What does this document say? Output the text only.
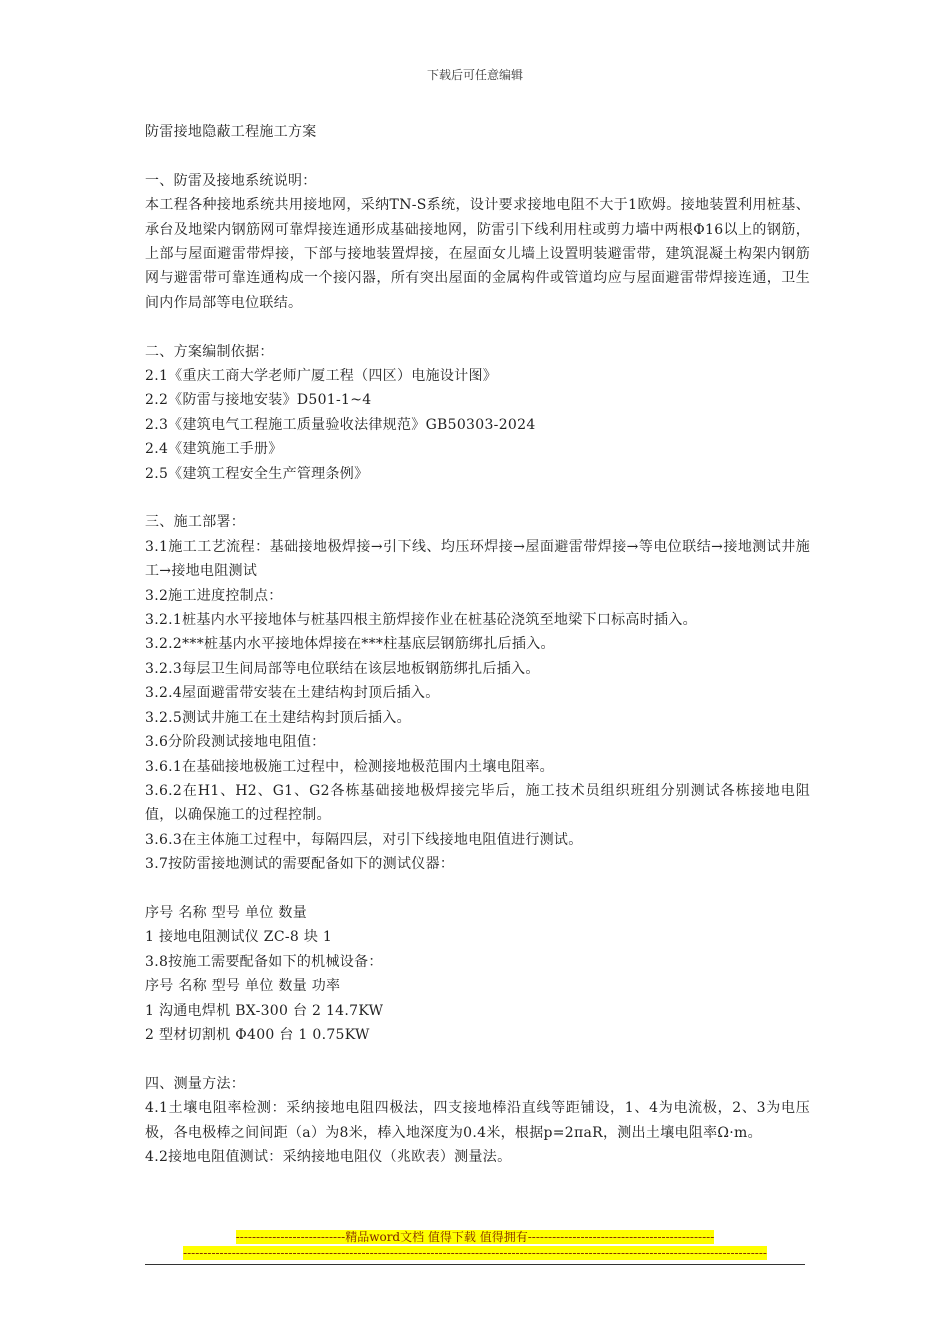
下载后可任意编辑
防雷接地隐蔽工程施工方案
一、防雷及接地系统说明：
本工程各种接地系统共用接地网，采纳TN-S系统，设计要求接地电阻不大于1欧姆。接地装置利用桩基、承台及地梁内钢筋网可靠焊接连通形成基础接地网，防雷引下线利用柱或剪力墙中两根Φ16以上的钢筋，上部与屋面避雷带焊接，下部与接地装置焊接，在屋面女儿墙上设置明装避雷带，建筑混凝土构架内钢筋网与避雷带可靠连通构成一个接闪器，所有突出屋面的金属构件或管道均应与屋面避雷带焊接连通，卫生间内作局部等电位联结。
二、方案编制依据：
2.1《重庆工商大学老师广厦工程（四区）电施设计图》
2.2《防雷与接地安装》D501-1~4
2.3《建筑电气工程施工质量验收法律规范》GB50303-2024
2.4《建筑施工手册》
2.5《建筑工程安全生产管理条例》
三、施工部署：
3.1施工工艺流程：基础接地极焊接→引下线、均压环焊接→屋面避雷带焊接→等电位联结→接地测试井施工→接地电阻测试
3.2施工进度控制点：
3.2.1桩基内水平接地体与桩基四根主筋焊接作业在桩基砼浇筑至地梁下口标高时插入。
3.2.2***桩基内水平接地体焊接在***柱基底层钢筋绑扎后插入。
3.2.3每层卫生间局部等电位联结在该层地板钢筋绑扎后插入。
3.2.4屋面避雷带安装在土建结构封顶后插入。
3.2.5测试井施工在土建结构封顶后插入。
3.6分阶段测试接地电阻值：
3.6.1在基础接地极施工过程中，检测接地极范围内土壤电阻率。
3.6.2在H1、H2、G1、G2各栋基础接地极焊接完毕后，施工技术员组织班组分别测试各栋接地电阻值，以确保施工的过程控制。
3.6.3在主体施工过程中，每隔四层，对引下线接地电阻值进行测试。
3.7按防雷接地测试的需要配备如下的测试仪器：
序号 名称 型号 单位 数量
1 接地电阻测试仪 ZC-8 块 1
3.8按施工需要配备如下的机械设备：
序号 名称 型号 单位 数量 功率
1 沟通电焊机 BX-300 台 2 14.7KW
2 型材切割机 Φ400 台 1 0.75KW
四、测量方法：
4.1土壤电阻率检测：采纳接地电阻四极法，四支接地棒沿直线等距铺设，1、4为电流极，2、3为电压极，各电极棒之间间距（a）为8米，棒入地深度为0.4米，根据p=2πaR，测出土壤电阻率Ω·m。
4.2接地电阻值测试：采纳接地电阻仪（兆欧表）测量法。
---------------------------精品word文档 值得下载 值得拥有----------------------------------------------
------------------------------------------------------------------------------------------------------------------------------------------------
